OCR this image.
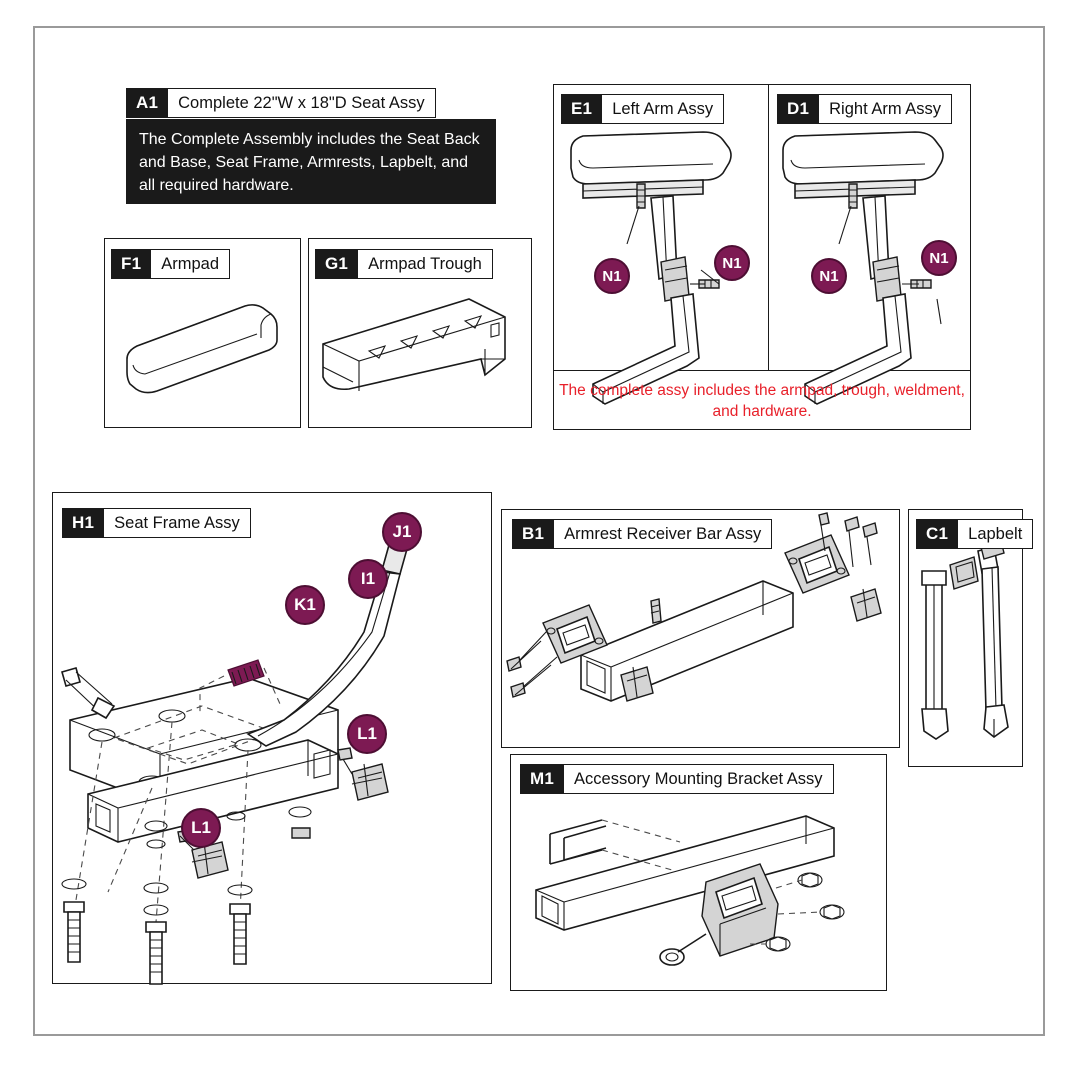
The Complete Assembly includes the Seat Back and Base, Seat Frame, Armrests, Lapbelt, and all required hardware.
A1	Complete 22"W x 18"D Seat Assy
F1	Armpad	G1	Armpad Trough
E1	Left Arm Assy
N1
N1
D1	Right Arm Assy
N1
N1
The complete assy includes the armpad, trough, weldment, and hardware.
H1	Seat Frame Assy	J1
I1
K1
L1
L1
B1	Armrest Receiver Bar Assy	C1	Lapbelt
M1	Accessory Mounting Bracket Assy
